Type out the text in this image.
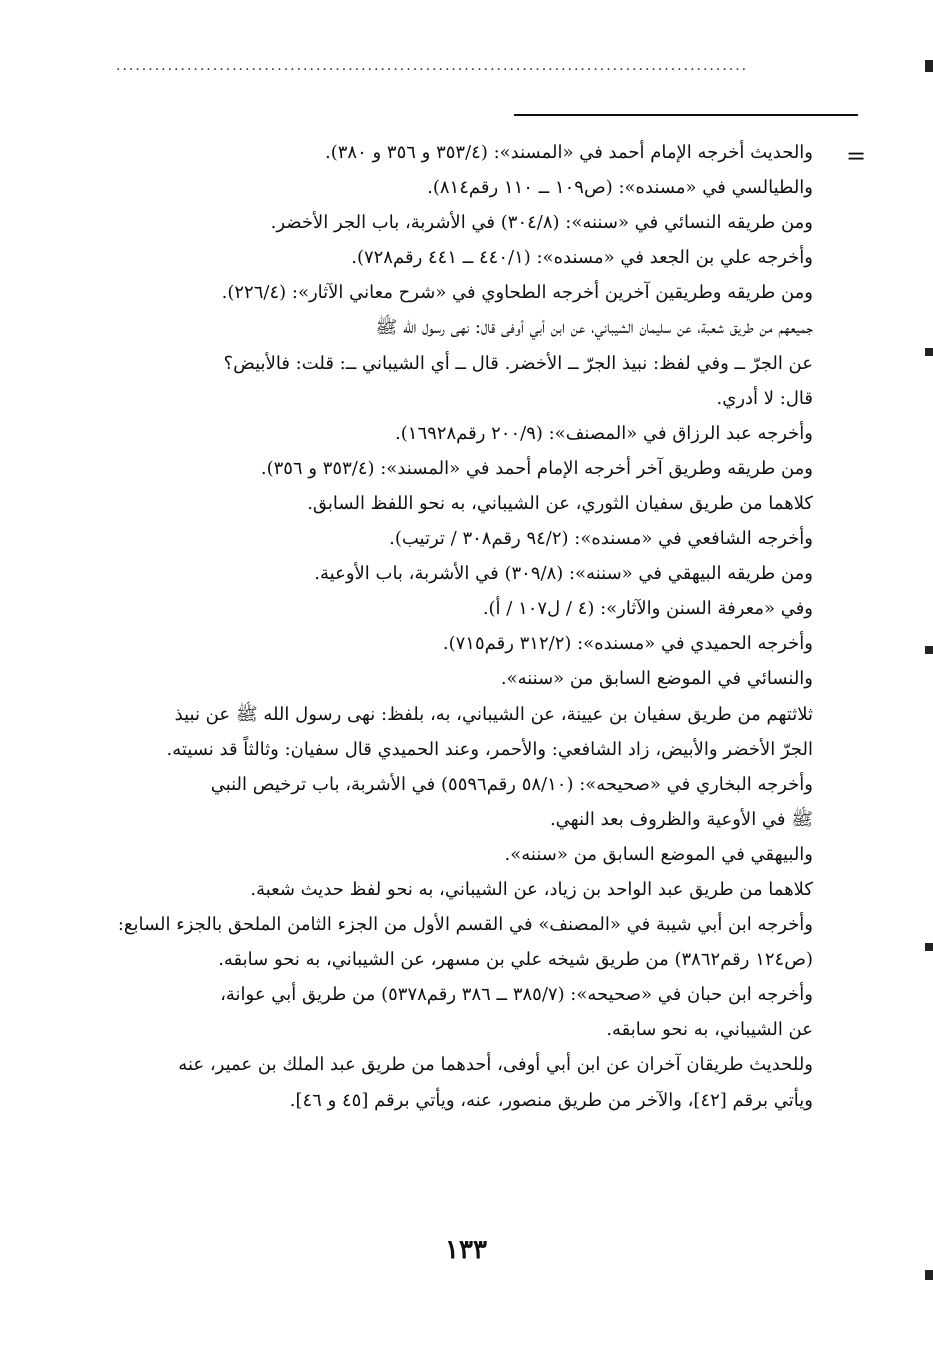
..................................................................................................
=
والحديث أخرجه الإمام أحمد في «المسند»: (٣٥٣/٤ و ٣٥٦ و ٣٨٠).
والطيالسي في «مسنده»: (ص١٠٩ ــ ١١٠ رقم٨١٤).
ومن طريقه النسائي في «سننه»: (٣٠٤/٨) في الأشربة، باب الجر الأخضر.
وأخرجه علي بن الجعد في «مسنده»: (٤٤٠/١ ــ ٤٤١ رقم٧٢٨).
ومن طريقه وطريقين آخرين أخرجه الطحاوي في «شرح معاني الآثار»: (٢٢٦/٤).
جميعهم من طريق شعبة، عن سليمان الشيباني، عن ابن أبي أوفى قال: نهى رسول الله ﷺ
عن الجرّ ــ وفي لفظ: نبيذ الجرّ ــ الأخضر. قال ــ أي الشيباني ــ: قلت: فالأبيض؟
قال: لا أدري.
وأخرجه عبد الرزاق في «المصنف»: (٢٠٠/٩ رقم١٦٩٢٨).
ومن طريقه وطريق آخر أخرجه الإمام أحمد في «المسند»: (٣٥٣/٤ و ٣٥٦).
كلاهما من طريق سفيان الثوري، عن الشيباني، به نحو اللفظ السابق.
وأخرجه الشافعي في «مسنده»: (٩٤/٢ رقم٣٠٨ / ترتيب).
ومن طريقه البيهقي في «سننه»: (٣٠٩/٨) في الأشربة، باب الأوعية.
وفي «معرفة السنن والآثار»: (٤ / ل١٠٧ / أ).
وأخرجه الحميدي في «مسنده»: (٣١٢/٢ رقم٧١٥).
والنسائي في الموضع السابق من «سننه».
ثلاثتهم من طريق سفيان بن عيينة، عن الشيباني، به، بلفظ: نهى رسول الله ﷺ عن نبيذ
الجرّ الأخضر والأبيض، زاد الشافعي: والأحمر، وعند الحميدي قال سفيان: وثالثاً قد نسيته.
وأخرجه البخاري في «صحيحه»: (٥٨/١٠ رقم٥٥٩٦) في الأشربة، باب ترخيص النبي
ﷺ في الأوعية والظروف بعد النهي.
والبيهقي في الموضع السابق من «سننه».
كلاهما من طريق عبد الواحد بن زياد، عن الشيباني، به نحو لفظ حديث شعبة.
وأخرجه ابن أبي شيبة في «المصنف» في القسم الأول من الجزء الثامن الملحق بالجزء السابع:
(ص١٢٤ رقم٣٨٦٢) من طريق شيخه علي بن مسهر، عن الشيباني، به نحو سابقه.
وأخرجه ابن حبان في «صحيحه»: (٣٨٥/٧ ــ ٣٨٦ رقم٥٣٧٨) من طريق أبي عوانة،
عن الشيباني، به نحو سابقه.
وللحديث طريقان آخران عن ابن أبي أوفى، أحدهما من طريق عبد الملك بن عمير، عنه
ويأتي برقم [٤٢]، والآخر من طريق منصور، عنه، ويأتي برقم [٤٥ و ٤٦].
١٣٣
